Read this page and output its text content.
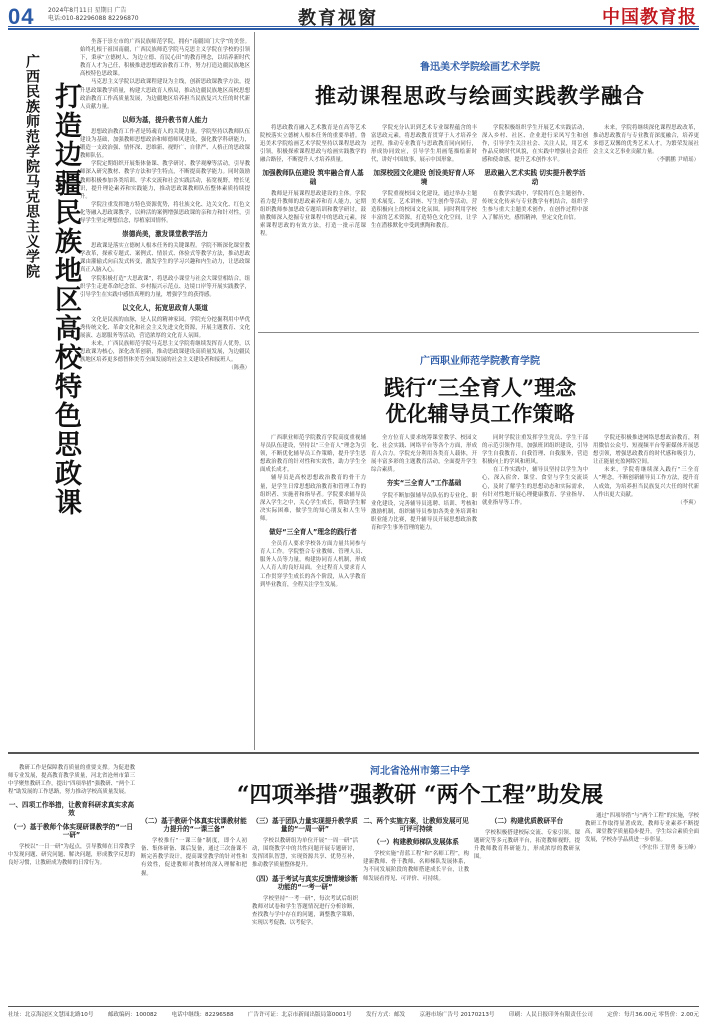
04 2024年8月11日 星期日 广告
电话:010-82296088 82296870	教育视窗	中国教育报
广西民族师范学院马克思主义学院 打造边疆民族地区高校特色思政课

坐落于崇左市的广西民族师范学院，拥有“南疆国门大学”的美誉。始终扎根于祖国南疆，广西民族师范学院马克思主义学院在学校的引领下，秉承“立德树人、为边立德、育民心田”的教育理念，以培养新时代教育人才为己任，积极推进思想政治教育工作，努力打造边疆民族地区高校特色思政课。

马克思主义学院以思政课程建设为主线，创新思政课教学方法，提升思政课教学质量，构建大思政育人格局，推动边疆民族地区高校思想政治教育工作高质量发展，为边疆地区培养担当民族复兴大任的时代新人贡献力量。

以师为基，提升教书育人能力

思想政治教育工作者是铸魂育人的关键力量。学院坚持以教师队伍建设为基础，加强教师思想政治和师德师风建设，强化教学科研能力，锻造一支政治强、情怀深、思维新、视野广、自律严、人格正的思政课教师队伍。

学院定期组织开展集体备课、教学研讨、教学观摩等活动，引导教师深入研究教材、教学方法和学生特点，不断提高教学能力。同时鼓励教师积极参加各类培训、学术交流和社会实践活动，拓宽视野，增长见识，提升理论素养和实践能力，推动思政课教师队伍整体素质持续提升。

学院注重发挥地方特色资源优势，将壮族文化、边关文化、红色文化等融入思政课教学，以鲜活的案例增强思政课的亲和力和针对性，引导学生坚定理想信念，厚植家国情怀。

崇德尚美，激发课堂教学活力

思政课是落实立德树人根本任务的关键课程。学院不断深化课堂教学改革，探索专题式、案例式、情景式、体验式等教学方法，推动思政课由灌输式向启发式转变，激发学生的学习兴趣和内生动力，让思政课真正入脑入心。

学院积极打造“大思政课”，将思政小课堂与社会大课堂相结合，组织学生走进革命纪念馆、乡村振兴示范点、边境口岸等开展实践教学，引导学生在实践中感悟真理的力量，增强学生的获得感。

以文化人，拓宽思政育人渠道

文化是民族的血脉，是人民的精神家园。学院充分挖掘利用中华优秀传统文化、革命文化和社会主义先进文化资源，开展主题教育、文化展演、志愿服务等活动，营造浓厚的文化育人氛围。

未来，广西民族师范学院马克思主义学院将继续发挥育人优势，以思政课为核心，深化改革创新，推动思政课建设高质量发展，为边疆民族地区培养更多德智体美劳全面发展的社会主义建设者和接班人。

（陈燕）
鲁迅美术学院绘画艺术学院
推动课程思政与绘画实践教学融合

将思政教育融入艺术教育是在高等艺术院校落实立德树人根本任务的重要举措。鲁迅美术学院绘画艺术学院坚持以课程思政为引领，积极探索课程思政与绘画实践教学的融合路径，不断提升人才培养质量。

加强教师队伍建设 筑牢融合育人基础

教师是开展课程思政建设的主体。学院着力提升教师的思政素养和育人能力，定期组织教师参加思政专题培训和教学研讨，鼓励教师深入挖掘专业课程中的思政元素，探索课程思政的有效方法，打造一批示范课程。

学院充分认识到艺术专业课程蕴含的丰富思政元素，将思政教育贯穿于人才培养全过程，推动专业教育与思政教育同向同行，形成协同效应，引导学生用画笔描绘新时代，讲好中国故事，展示中国形象。

加深校园文化建设 创设美好育人环境

学院重视校园文化建设，通过举办主题美术展览、艺术讲座、写生创作等活动，营造积极向上的校园文化氛围。同时利用学校丰富的艺术资源，打造特色文化空间，让学生在潜移默化中受到熏陶和教育。

学院积极组织学生开展艺术实践活动，深入乡村、社区、企业进行采风写生和创作，引导学生关注社会、关注人民，用艺术作品反映时代风貌，在实践中增强社会责任感和使命感，提升艺术创作水平。

思政融入艺术实践 切实提升教学活动

在教学实践中，学院将红色主题创作、传统文化传承与专业教学有机结合，组织学生参与重大主题美术创作，在创作过程中深入了解历史，感悟精神，坚定文化自信。

未来，学院将继续深化课程思政改革，推动思政教育与专业教育深度融合，培养更多德艺双馨的优秀艺术人才，为繁荣发展社会主义文艺事业贡献力量。

（李鹏鹏 尹晴瑶）
广西职业师范学院教育学院
践行“三全育人”理念
优化辅导员工作策略

广西职业师范学院教育学院高度重视辅导员队伍建设，坚持以“三全育人”理念为引领，不断优化辅导员工作策略，提升学生思想政治教育的针对性和实效性，助力学生全面成长成才。

辅导员是高校思想政治教育的骨干力量，是学生日常思想政治教育和管理工作的组织者、实施者和指导者。学院要求辅导员深入学生之中，关心学生成长，帮助学生解决实际困难，做学生的知心朋友和人生导师。

做好“三全育人”理念的践行者

全员育人要求学校各方面力量共同参与育人工作。学院整合专业教师、管理人员、服务人员等力量，构建协同育人机制，形成人人育人的良好局面。全过程育人要求育人工作贯穿学生成长的各个阶段，从入学教育到毕业教育，全程关注学生发展。

全方位育人要求统筹课堂教学、校园文化、社会实践、网络平台等各个方面，形成育人合力。学院充分利用各类育人载体，开展丰富多彩的主题教育活动，全面提升学生综合素质。

夯实“三全育人”工作基础

学院不断加强辅导员队伍的专业化、职业化建设，完善辅导员选聘、培训、考核和激励机制，组织辅导员参加各类业务培训和职业能力比赛，提升辅导员开展思想政治教育和学生事务管理的能力。

同时学院注重发挥学生党员、学生干部的示范引领作用，加强班团组织建设，引导学生自我教育、自我管理、自我服务，营造积极向上的学风和班风。

在工作实践中，辅导员坚持以学生为中心，深入宿舍、课堂、食堂与学生交流谈心，及时了解学生的思想动态和实际需求，有针对性地开展心理健康教育、学业指导、就业指导等工作。

学院还积极推进网络思想政治教育，利用微信公众号、短视频平台等新媒体开展思想引领，增强思政教育的时代感和吸引力，让正能量充盈网络空间。

未来，学院将继续深入践行“三全育人”理念，不断创新辅导员工作方法，提升育人成效，为培养担当民族复兴大任的时代新人作出更大贡献。

（李爽）
河北省沧州市第三中学
“四项举措”强教研 “两个工程”助发展

教研工作是保障教育质量的重要支撑。为促进教师专业发展，提高教育教学质量，河北省沧州市第三中学聚焦教研工作，提出“四项举措”强教研、“两个工程”助发展的工作思路，努力推动学校高质量发展。

一、四项工作举措，让教育科研求真实求高效
（一）基于教师个体实现研课教学的“一日一研”

学校以“一日一研”为起点，引导教师在日常教学中发现问题、研究问题、解决问题，形成教学反思的良好习惯，让教研成为教师的日常行为。

（二）基于教研个体真实状课教材能力提升的“一课三备”

学校推行“一课三备”制度，即个人初备、集体研备、课后复备，通过三次备课不断完善教学设计，提高课堂教学的针对性和有效性，促进教师对教材的深入理解和把握。

（三）基于团队力量实现提升教学质量的“一周一研”

学校以教研组为单位开展“一周一研”活动，围绕教学中的共性问题开展专题研讨，发挥团队智慧，实现资源共享、优势互补，推动教学质量整体提升。

（四）基于考试与真实反馈情境诊断功能的“一考一研”

学校坚持“一考一研”，每次考试后组织教师对试卷和学生答题情况进行分析诊断，查找教与学中存在的问题，调整教学策略，实现以考促教、以考促学。

二、两个实施方案，让教师发展可见可评可持续
（一）构建教师梯队发展体系

学校实施“青蓝工程”和“名师工程”，构建新教师、骨干教师、名师梯队发展体系，为不同发展阶段的教师搭建成长平台，让教师发展看得见、可评价、可持续。

（二）构建优质教研平台

学校积极搭建校际交流、专家引领、课题研究等多元教研平台，拓宽教师视野，提升教师教育科研能力，形成浓厚的教研氛围。

通过“四项举措”与“两个工程”的实施，学校教研工作取得显著成效，教师专业素养不断提高，课堂教学质量稳步提升，学生综合素质全面发展，学校办学品质进一步彰显。

（李宏伟 王智勇 秦玉峰）
社址：北京海淀区文慧园北路10号	邮政编码：100082	电话中继线：82296588	广告许可证：北京市新闻出版局第0001号	发行方式：邮发	京港市场广告号 20170213号	印刷：人民日报印务有限责任公司	定价：每月36.00元 零售价：2.00元
